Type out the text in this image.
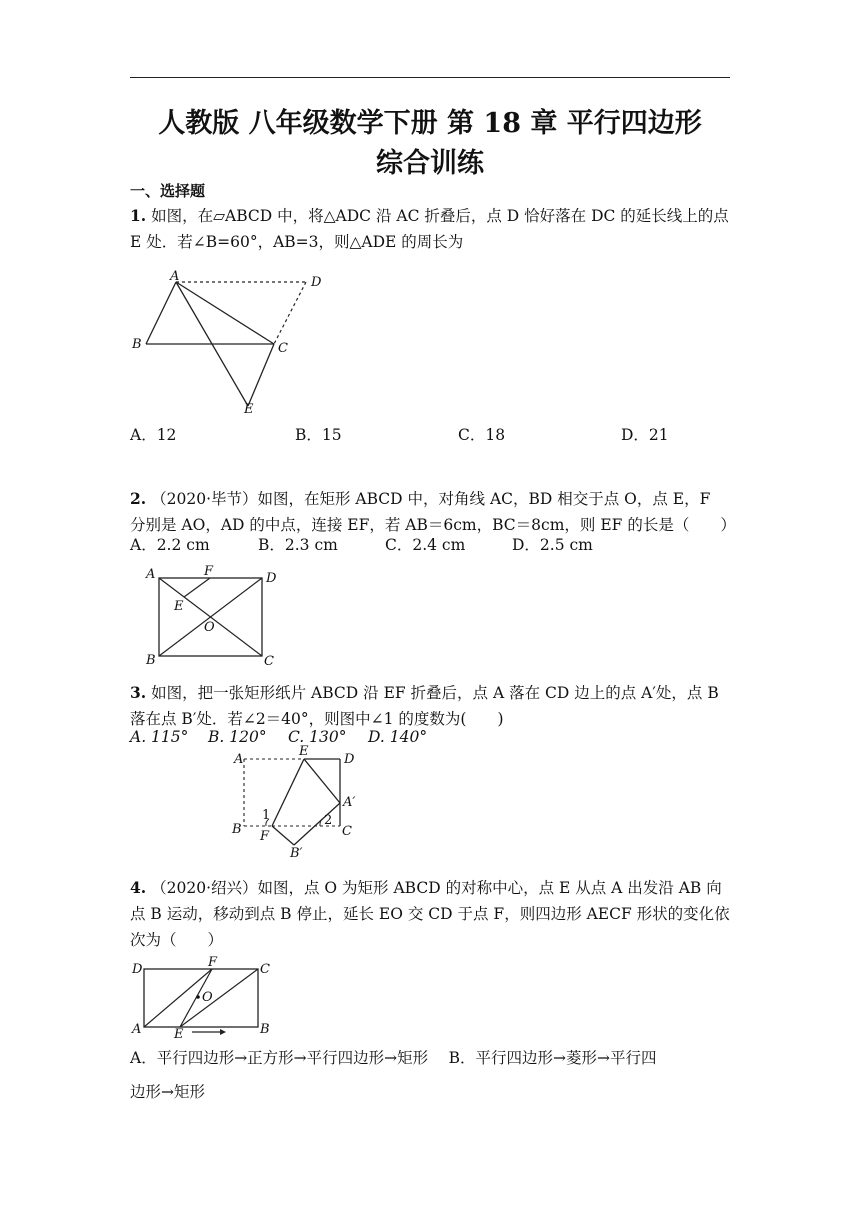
人教版 八年级数学下册 第 18 章 平行四边形
综合训练
一、选择题
1. 如图，在▱ABCD 中，将△ADC 沿 AC 折叠后，点 D 恰好落在 DC 的延长线上的点 E 处．若∠B=60°，AB=3，则△ADE 的周长为
A	D
B	C
E
A．12	B．15	C．18	D．21
2. （2020·毕节）如图，在矩形 ABCD 中，对角线 AC，BD 相交于点 O，点 E，F 分别是 AO，AD 的中点，连接 EF，若 AB＝6cm，BC＝8cm，则 EF 的长是（　　）
A．2.2 cm	B．2.3 cm	C．2.4 cm	D．2.5 cm
A	F	D
E
O
B	C
3. 如图，把一张矩形纸片 ABCD 沿 EF 折叠后，点 A 落在 CD 边上的点 A′处，点 B 落在点 B′处．若∠2＝40°，则图中∠1 的度数为(　　)
A. 115° B. 120° C. 130° D. 140°
A
E
D
A′
1	2
B F	C
B′
4. （2020·绍兴）如图，点 O 为矩形 ABCD 的对称中心，点 E 从点 A 出发沿 AB 向点 B 运动，移动到点 B 停止，延长 EO 交 CD 于点 F，则四边形 AECF 形状的变化依次为（　　）
D	F	C
O
A	E	B
A．平行四边形→正方形→平行四边形→矩形　 B．平行四边形→菱形→平行四
边形→矩形
